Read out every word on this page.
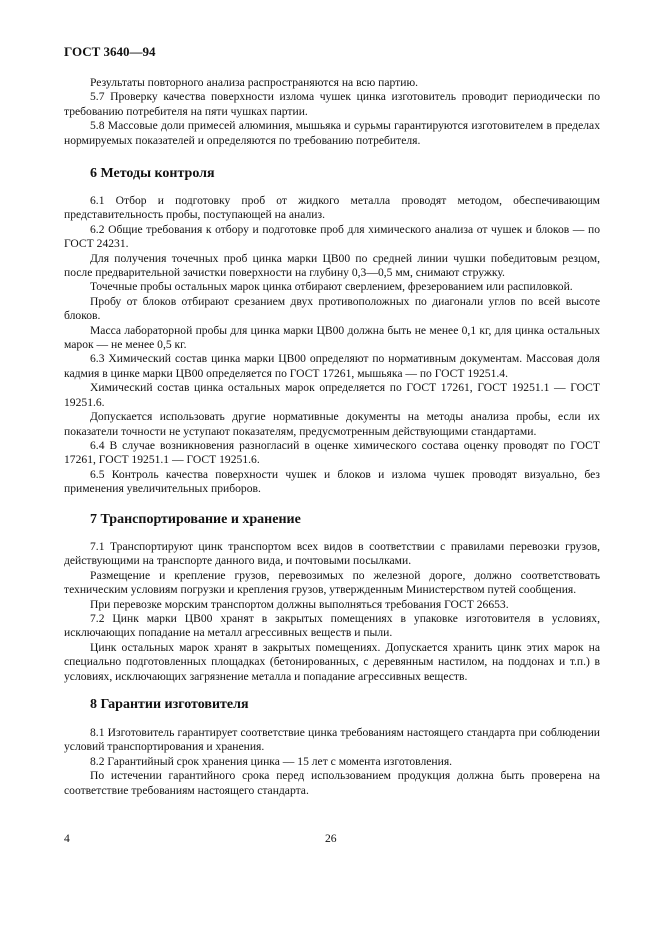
ГОСТ 3640—94

Результаты повторного анализа распространяются на всю партию.

5.7 Проверку качества поверхности излома чушек цинка изготовитель проводит периодически по требованию потребителя на пяти чушках партии.

5.8 Массовые доли примесей алюминия, мышьяка и сурьмы гарантируются изготовителем в пределах нормируемых показателей и определяются по требованию потребителя.

6 Методы контроля

6.1 Отбор и подготовку проб от жидкого металла проводят методом, обеспечивающим представительность пробы, поступающей на анализ.

6.2 Общие требования к отбору и подготовке проб для химического анализа от чушек и блоков — по ГОСТ 24231.

Для получения точечных проб цинка марки ЦВ00 по средней линии чушки победитовым резцом, после предварительной зачистки поверхности на глубину 0,3—0,5 мм, снимают стружку.

Точечные пробы остальных марок цинка отбирают сверлением, фрезерованием или распиловкой.

Пробу от блоков отбирают срезанием двух противоположных по диагонали углов по всей высоте блоков.

Масса лабораторной пробы для цинка марки ЦВ00 должна быть не менее 0,1 кг, для цинка остальных марок — не менее 0,5 кг.

6.3 Химический состав цинка марки ЦВ00 определяют по нормативным документам. Массовая доля кадмия в цинке марки ЦВ00 определяется по ГОСТ 17261, мышьяка — по ГОСТ 19251.4.

Химический состав цинка остальных марок определяется по ГОСТ 17261, ГОСТ 19251.1 — ГОСТ 19251.6.

Допускается использовать другие нормативные документы на методы анализа пробы, если их показатели точности не уступают показателям, предусмотренным действующими стандартами.

6.4 В случае возникновения разногласий в оценке химического состава оценку проводят по ГОСТ 17261, ГОСТ 19251.1 — ГОСТ 19251.6.

6.5 Контроль качества поверхности чушек и блоков и излома чушек проводят визуально, без применения увеличительных приборов.

7 Транспортирование и хранение

7.1 Транспортируют цинк транспортом всех видов в соответствии с правилами перевозки грузов, действующими на транспорте данного вида, и почтовыми посылками.

Размещение и крепление грузов, перевозимых по железной дороге, должно соответствовать техническим условиям погрузки и крепления грузов, утвержденным Министерством путей сообщения.

При перевозке морским транспортом должны выполняться требования ГОСТ 26653.

7.2 Цинк марки ЦВ00 хранят в закрытых помещениях в упаковке изготовителя в условиях, исключающих попадание на металл агрессивных веществ и пыли.

Цинк остальных марок хранят в закрытых помещениях. Допускается хранить цинк этих марок на специально подготовленных площадках (бетонированных, с деревянным настилом, на поддонах и т.п.) в условиях, исключающих загрязнение металла и попадание агрессивных веществ.

8 Гарантии изготовителя

8.1 Изготовитель гарантирует соответствие цинка требованиям настоящего стандарта при соблюдении условий транспортирования и хранения.

8.2 Гарантийный срок хранения цинка — 15 лет с момента изготовления.

По истечении гарантийного срока перед использованием продукция должна быть проверена на соответствие требованиям настоящего стандарта.

4	26
